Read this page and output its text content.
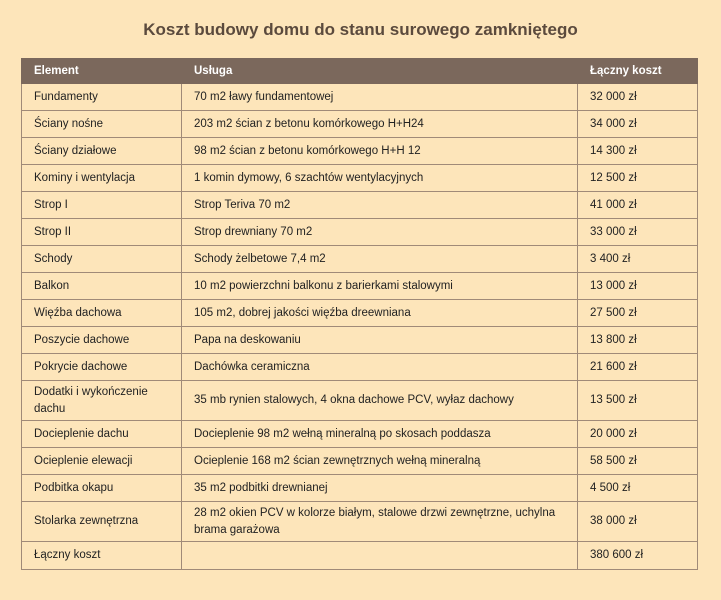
Koszt budowy domu do stanu surowego zamkniętego
Element	Usługa	Łączny koszt
Fundamenty	70 m2 ławy fundamentowej	32 000 zł
Ściany nośne	203 m2 ścian z betonu komórkowego H+H24	34 000 zł
Ściany działowe	98 m2 ścian z betonu komórkowego H+H 12	14 300 zł
Kominy i wentylacja	1 komin dymowy, 6 szachtów wentylacyjnych	12 500 zł
Strop I	Strop Teriva 70 m2	41 000 zł
Strop II	Strop drewniany 70 m2	33 000 zł
Schody	Schody żelbetowe 7,4 m2	3 400 zł
Balkon	10 m2 powierzchni balkonu z barierkami stalowymi	13 000 zł
Więźba dachowa	105 m2, dobrej jakości więźba dreewniana	27 500 zł
Poszycie dachowe	Papa na deskowaniu	13 800 zł
Pokrycie dachowe	Dachówka ceramiczna	21 600 zł
Dodatki i wykończenie dachu	35 mb rynien stalowych, 4 okna dachowe PCV, wyłaz dachowy	13 500 zł
Docieplenie dachu	Docieplenie 98 m2 wełną mineralną po skosach poddasza	20 000 zł
Ocieplenie elewacji	Ocieplenie 168 m2 ścian zewnętrznych wełną mineralną	58 500 zł
Podbitka okapu	35 m2 podbitki drewnianej	4 500 zł
Stolarka zewnętrzna	28 m2 okien PCV w kolorze białym, stalowe drzwi zewnętrzne, uchylna brama garażowa	38 000 zł
Łączny koszt		380 600 zł
